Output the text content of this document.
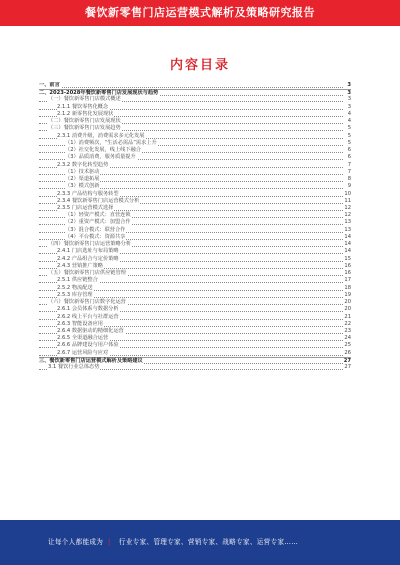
餐饮新零售门店运营模式解析及策略研究报告
内容目录
一、前言	3
二、2023-2028年餐饮新零售门店发展现状与趋势	3
（一）餐饮新零售门店模式概述	3
2.1.1 餐饮零售化概念	3
2.1.2 新零售化发展现状	4
（二）餐饮新零售门店发展现状	4
（三）餐饮新零售门店发展趋势	5
2.3.1 消费升级，消费需求多元化发展	5
（1）消费频次，“生活必需品”需求上升	5
（2）社交化发展，线上线下融合	6
（3）品质消费，服务质量提升	6
2.3.2 数字化转型趋势	7
（1）技术驱动	7
（2）渠道拓展	8
（3）模式创新	9
2.3.3 产品结构与服务转型	10
2.3.4 餐饮新零售门店运营模式分析	11
2.3.5 门店运营模式选择	12
（1）轻资产模式：直营连锁	12
（2）重资产模式：加盟合作	13
（3）混合模式：联营合作	13
（4）平台模式：资源共享	14
（四）餐饮新零售门店运营策略分析	14
2.4.1 门店选址与布局策略	14
2.4.2 产品组合与定价策略	15
2.4.3 营销推广策略	16
（五）餐饮新零售门店供应链管理	16
2.5.1 供应链整合	17
2.5.2 物流配送	18
2.5.3 库存管理	19
（六）餐饮新零售门店数字化运营	20
2.6.1 会员体系与数据分析	20
2.6.2 线上平台与社群运营	21
2.6.3 智能设备应用	22
2.6.4 数据驱动的精细化运营	23
2.6.5 全渠道融合运营	24
2.6.6 品牌建设与用户体验	25
2.6.7 运营风险与应对	26
三、餐饮新零售门店运营模式解析及策略建议	27
3.1 餐饮行业总体态势	27
让每个人都能成为  | 行业专家、管理专家、营销专家、战略专家、运营专家……
